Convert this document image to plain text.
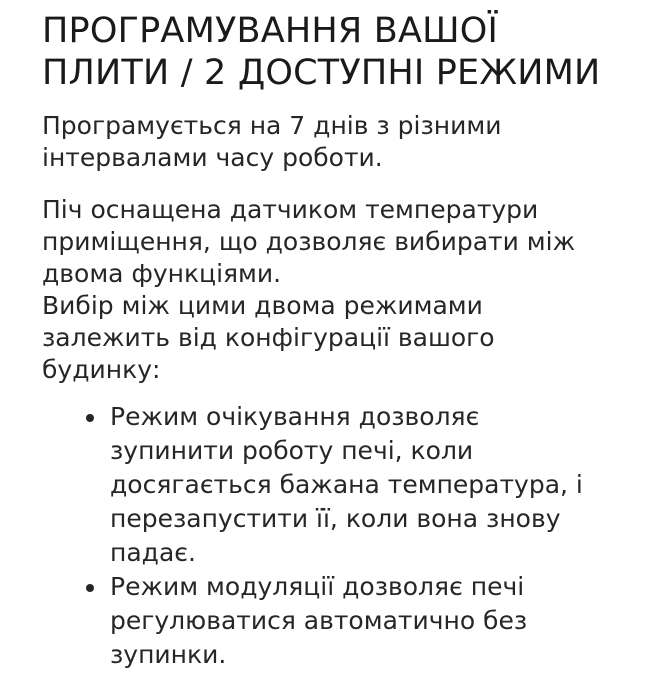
ПРОГРАМУВАННЯ ВАШОЇ
ПЛИТИ / 2 ДОСТУПНІ РЕЖИМИ

Програмується на 7 днів з різними
інтервалами часу роботи.

Піч оснащена датчиком температури
приміщення, що дозволяє вибирати між
двома функціями.

Вибір між цими двома режимами
залежить від конфігурації вашого
будинку:

Режим очікування дозволяє
зупинити роботу печі, коли
досягається бажана температура, і
перезапустити її, коли вона знову
падає.
Режим модуляції дозволяє печі
регулюватися автоматично без
зупинки.
